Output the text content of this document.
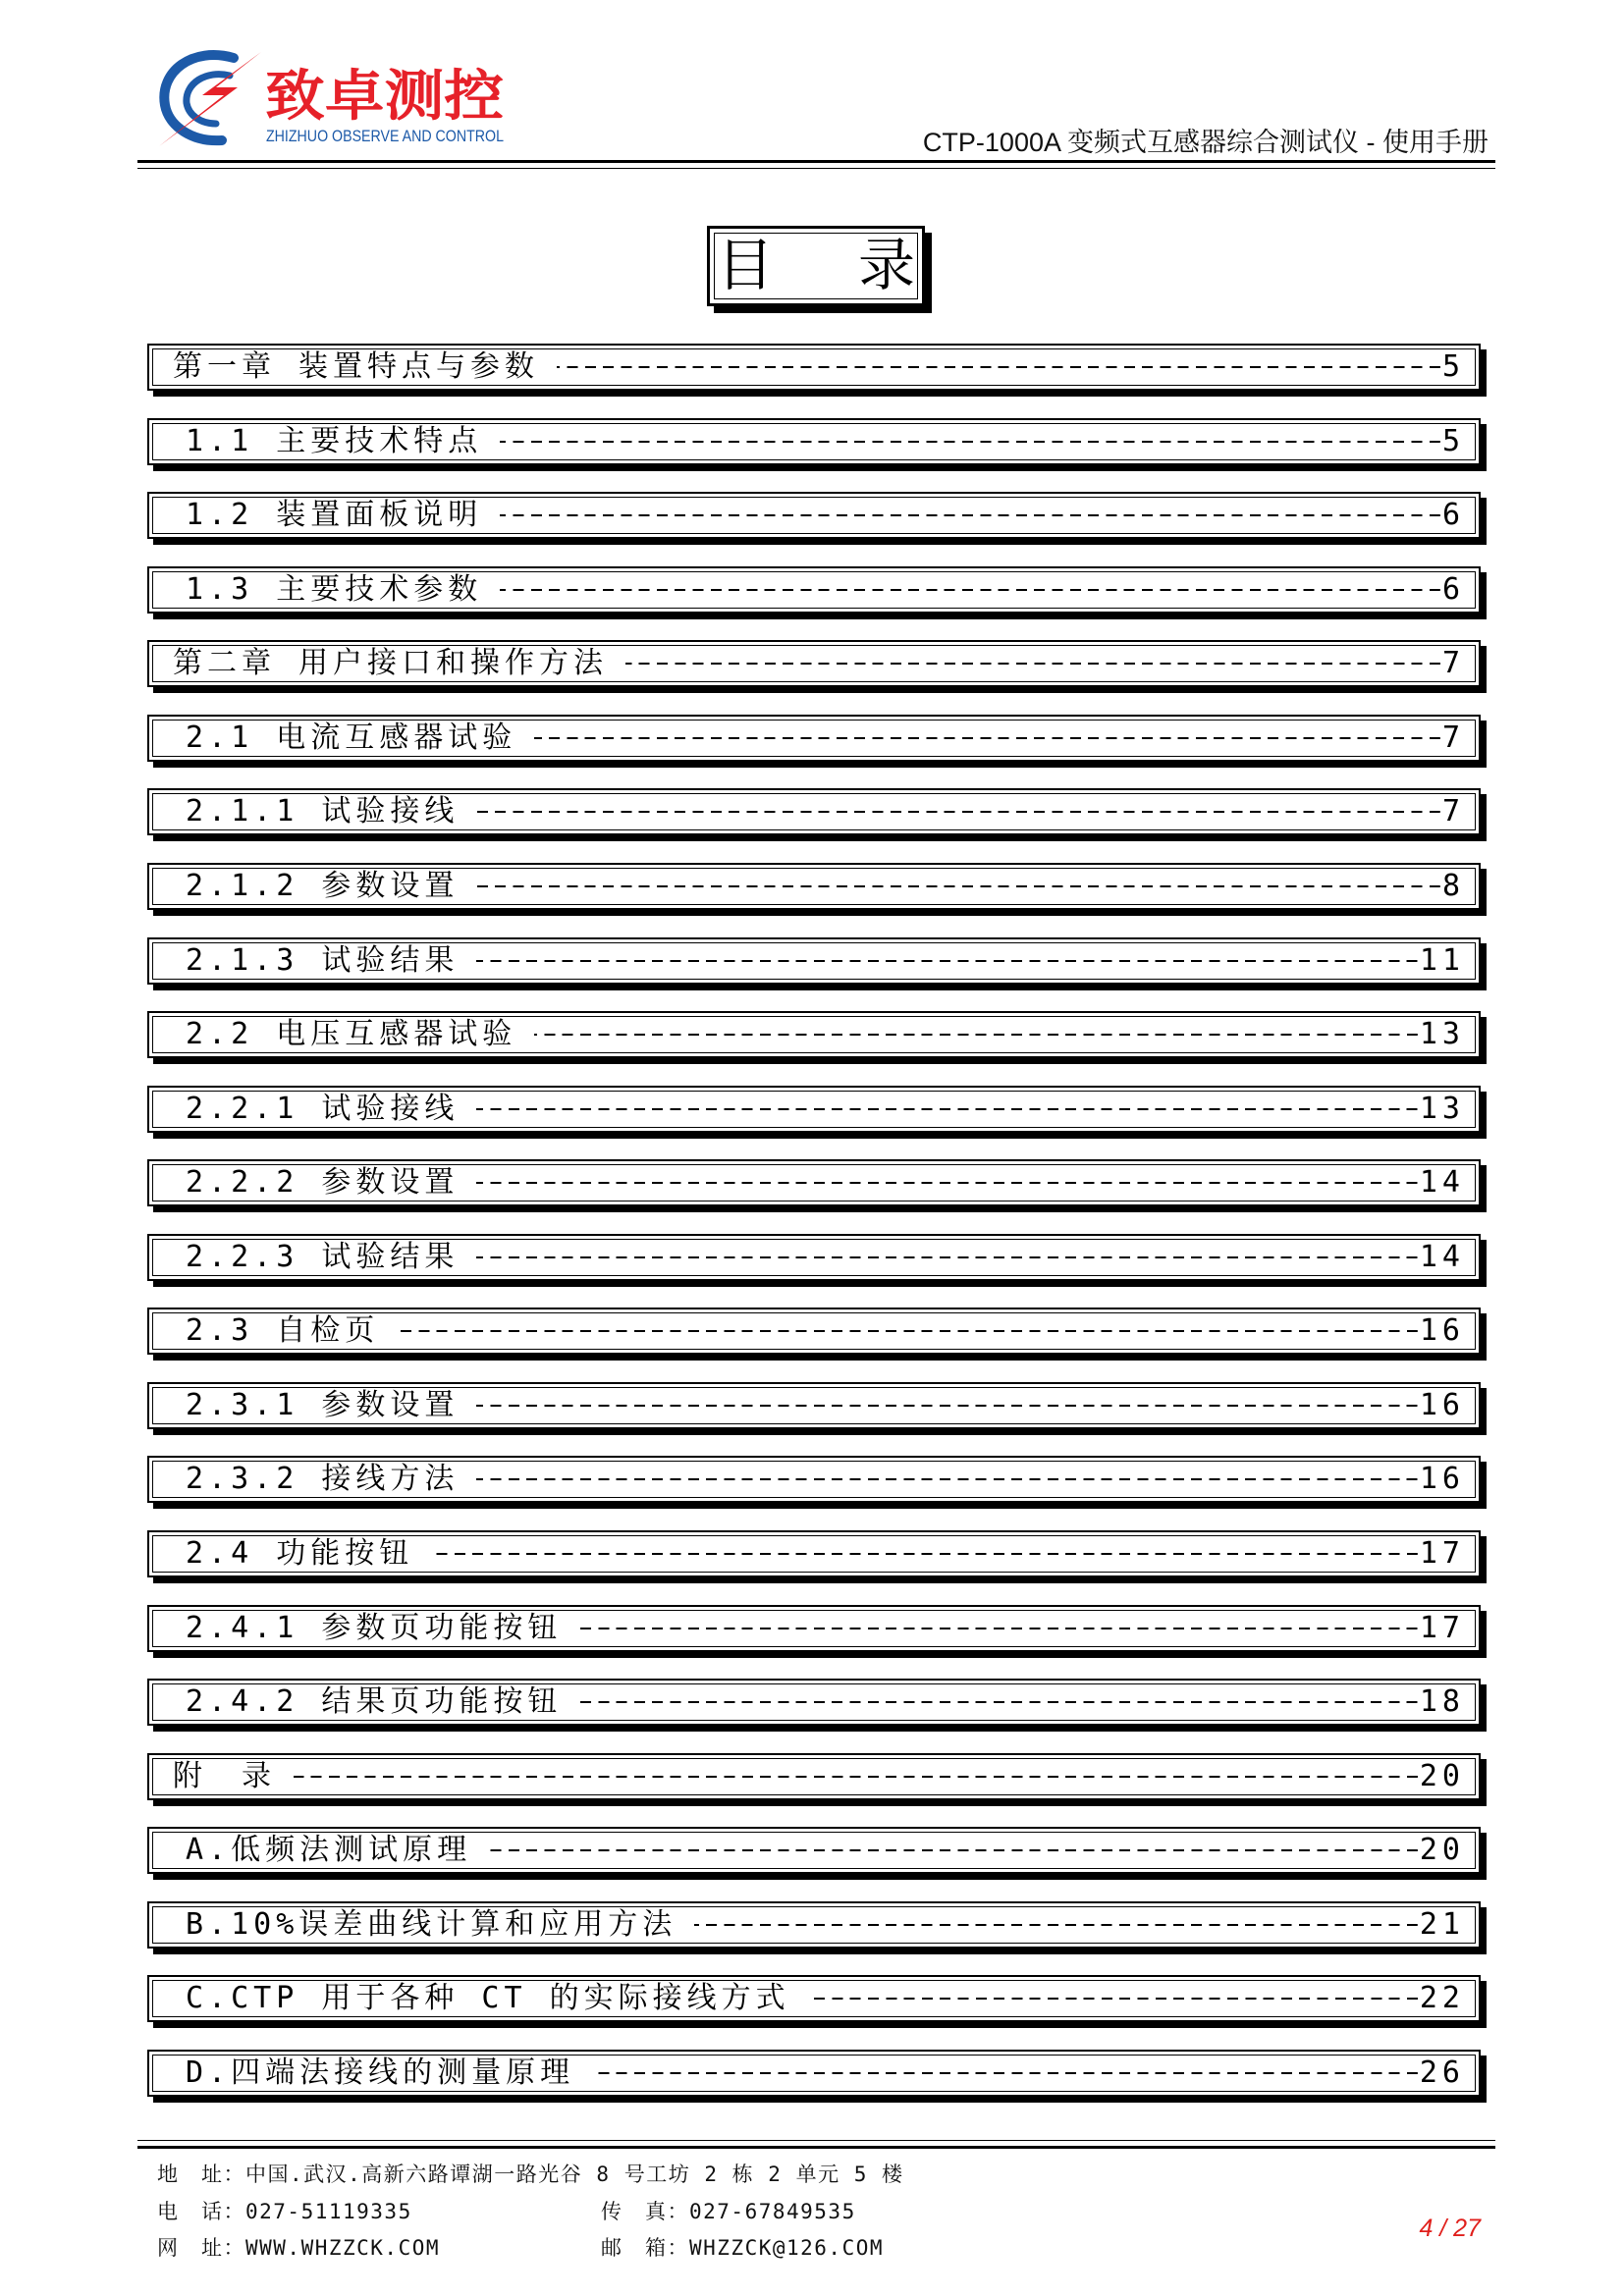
致卓测控
ZHIZHUO OBSERVE AND CONTROL	CTP-1000A 变频式互感器综合测试仪 - 使用手册
目 录
第一章 装置特点与参数	5
1.1 主要技术特点	5
1.2 装置面板说明	6
1.3 主要技术参数	6
第二章 用户接口和操作方法	7
2.1 电流互感器试验	7
2.1.1 试验接线	7
2.1.2 参数设置	8
2.1.3 试验结果	11
2.2 电压互感器试验	13
2.2.1 试验接线	13
2.2.2 参数设置	14
2.2.3 试验结果	14
2.3 自检页	16
2.3.1 参数设置	16
2.3.2 接线方法	16
2.4 功能按钮	17
2.4.1 参数页功能按钮	17
2.4.2 结果页功能按钮	18
附　录	20
A.低频法测试原理	20
B.10%误差曲线计算和应用方法	21
C.CTP 用于各种 CT 的实际接线方式	22
D.四端法接线的测量原理	26
地　址：中国.武汉.高新六路谭湖一路光谷 8 号工坊 2 栋 2 单元 5 楼
电　话：027-51119335	传　真：027-67849535
网　址：WWW.WHZZCK.COM	邮　箱：WHZZCK@126.COM
4 / 27
